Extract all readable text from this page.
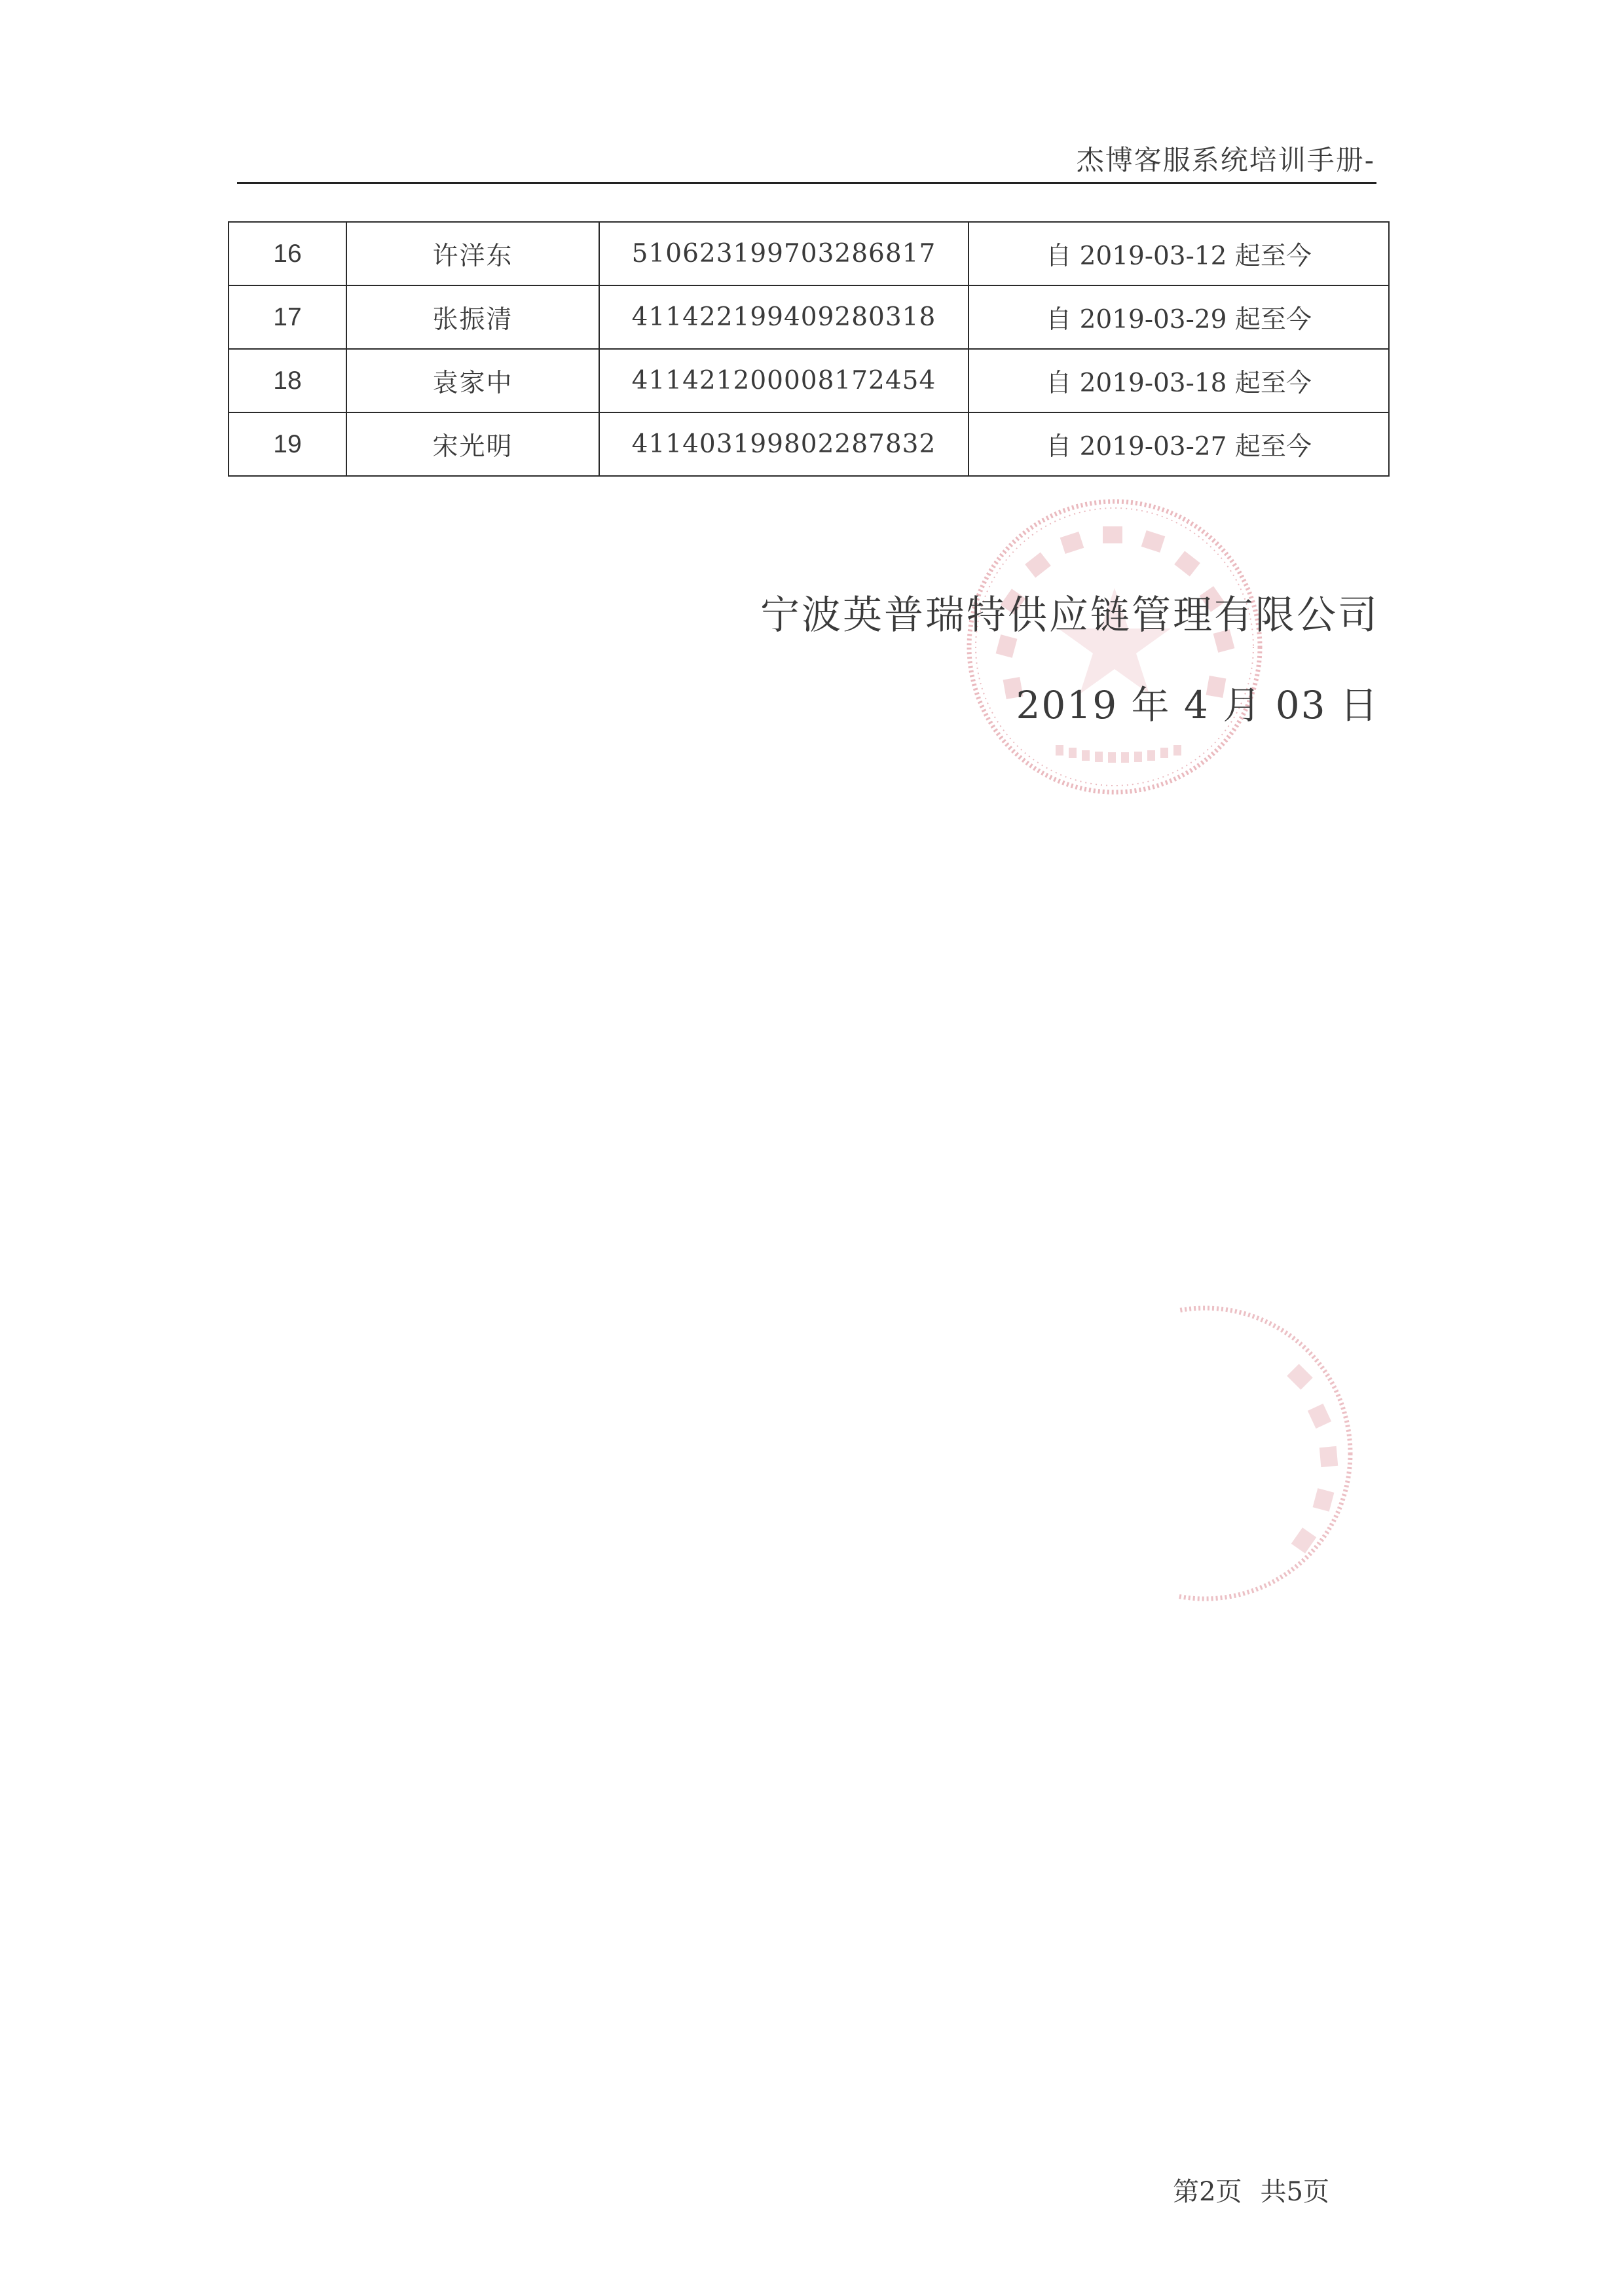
杰博客服系统培训手册-
16	许洋东	510623199703286817	自 2019-03-12 起至今
17	张振清	411422199409280318	自 2019-03-29 起至今
18	袁家中	411421200008172454	自 2019-03-18 起至今
19	宋光明	411403199802287832	自 2019-03-27 起至今
宁波英普瑞特供应链管理有限公司
2019 年 4 月 03 日
第2页 共5页
